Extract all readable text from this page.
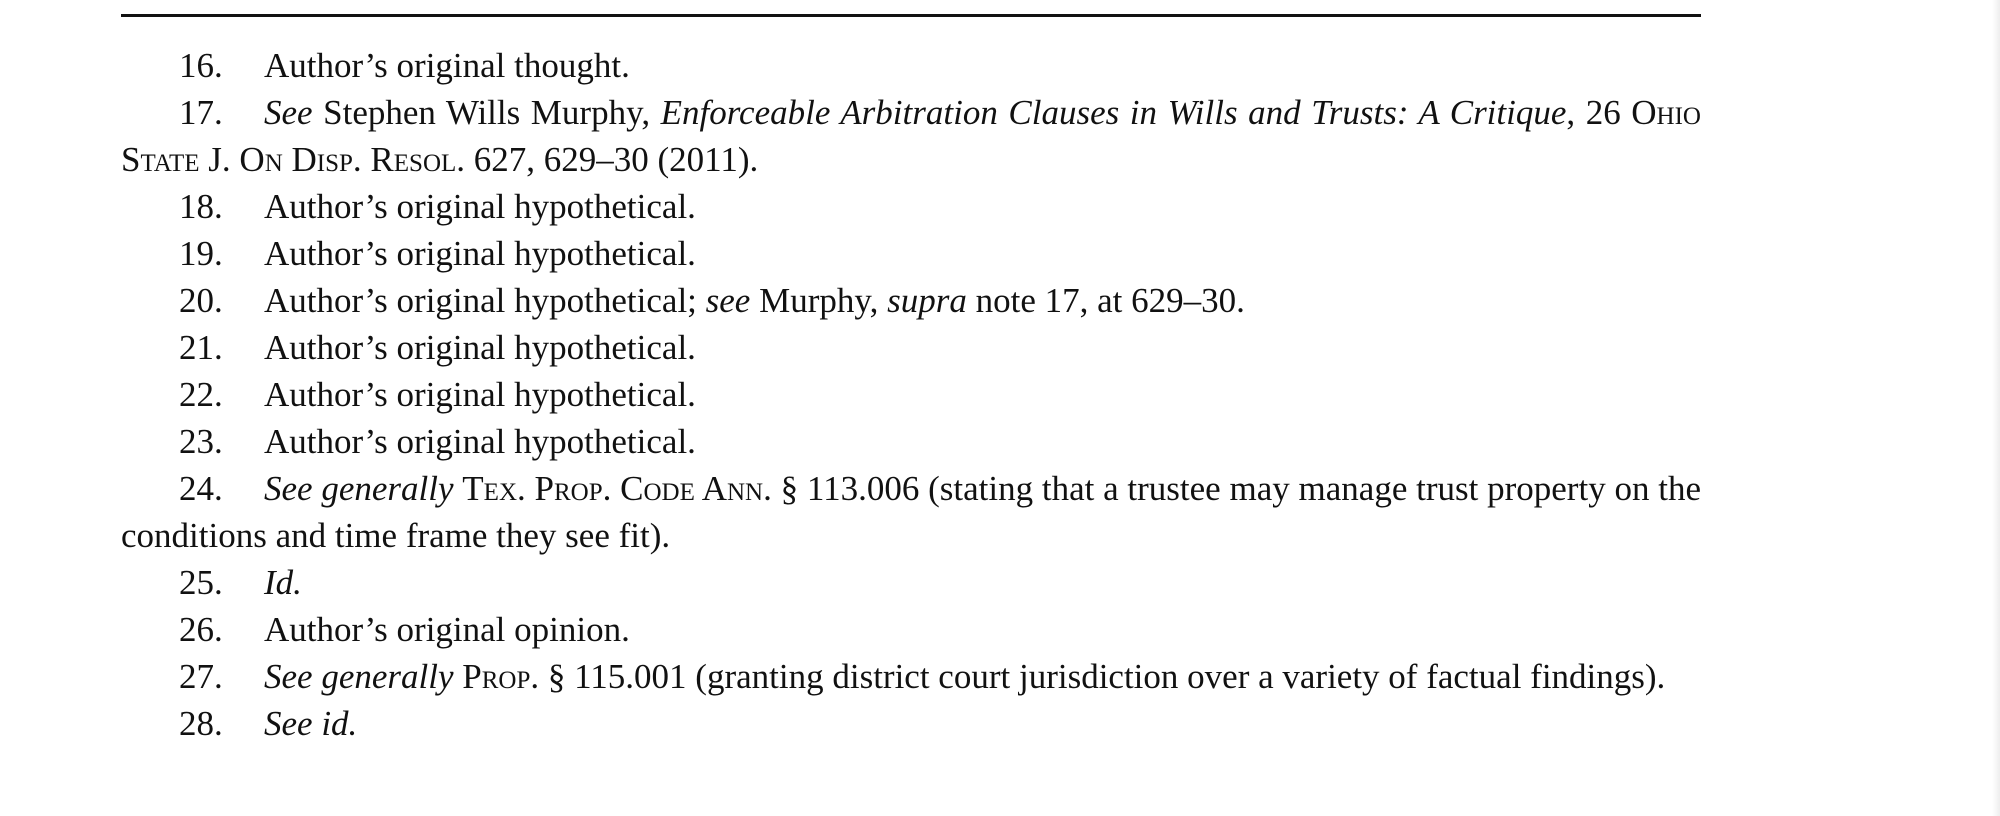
16. Author’s original thought.

17. See Stephen Wills Murphy, Enforceable Arbitration Clauses in Wills and Trusts: A Critique, 26 Ohio State J. On Disp. Resol. 627, 629–30 (2011).

18. Author’s original hypothetical.

19. Author’s original hypothetical.

20. Author’s original hypothetical; see Murphy, supra note 17, at 629–30.

21. Author’s original hypothetical.

22. Author’s original hypothetical.

23. Author’s original hypothetical.

24. See generally Tex. Prop. Code Ann. § 113.006 (stating that a trustee may manage trust property on the conditions and time frame they see fit).

25. Id.

26. Author’s original opinion.

27. See generally Prop. § 115.001 (granting district court jurisdiction over a variety of factual findings).

28. See id.
